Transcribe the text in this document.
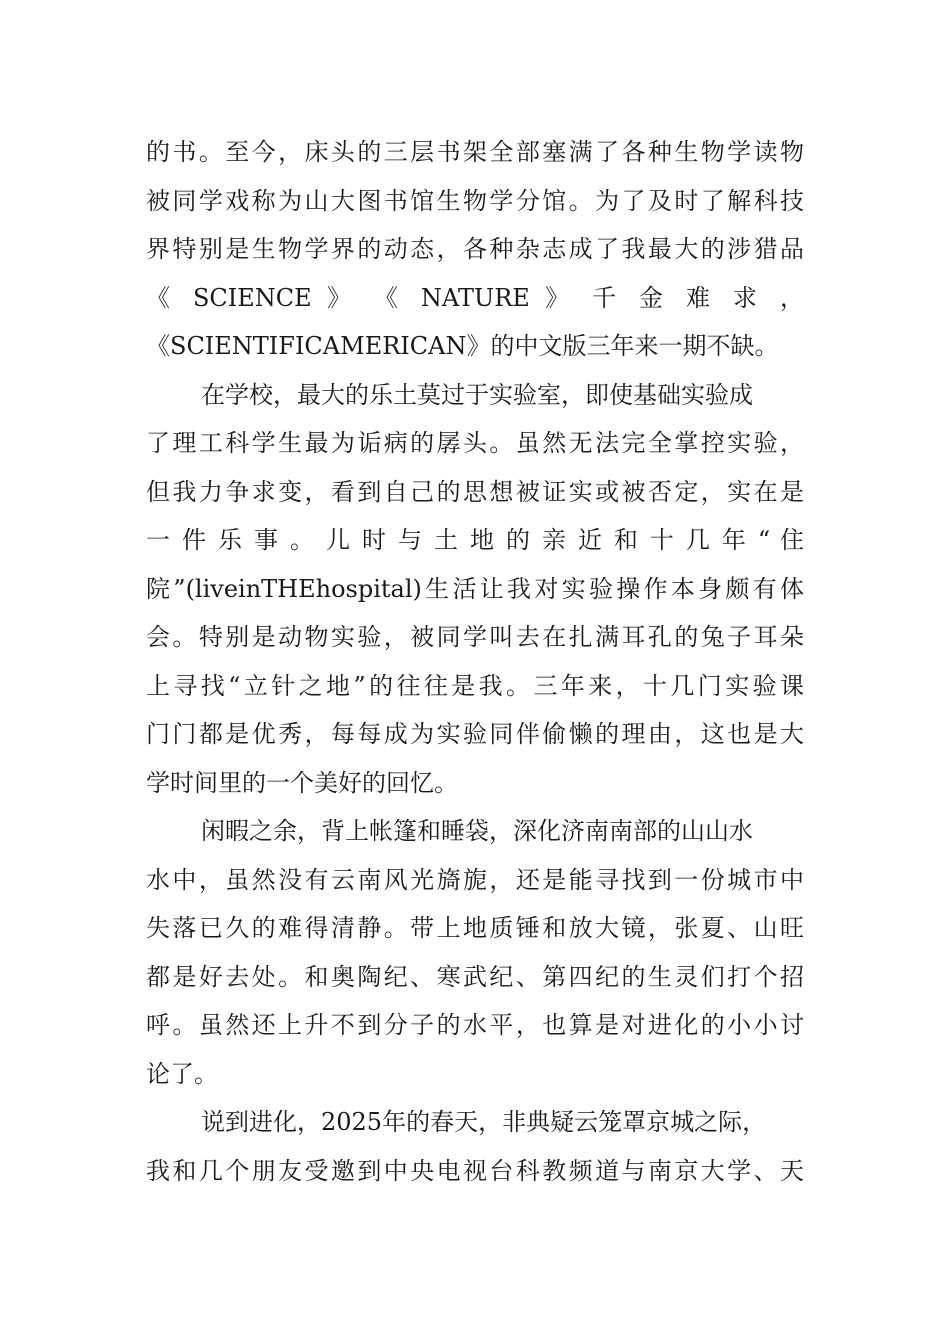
的书。至今，床头的三层书架全部塞满了各种生物学读物
被同学戏称为山大图书馆生物学分馆。为了及时了解科技
界特别是生物学界的动态，各种杂志成了我最大的涉猎品
《 SCIENCE 》 《 NATURE 》 千 金 难 求 ，
《SCIENTIFICAMERICAN》的中文版三年来一期不缺。
在学校，最大的乐土莫过于实验室，即使基础实验成
了理工科学生最为诟病的孱头。虽然无法完全掌控实验，
但我力争求变，看到自己的思想被证实或被否定，实在是
一 件 乐 事 。 儿 时 与 土 地 的 亲 近 和 十 几 年 “ 住
院”(liveinTHEhospital)生活让我对实验操作本身颇有体
会。特别是动物实验，被同学叫去在扎满耳孔的兔子耳朵
上寻找“立针之地”的往往是我。三年来，十几门实验课
门门都是优秀，每每成为实验同伴偷懒的理由，这也是大
学时间里的一个美好的回忆。
闲暇之余，背上帐篷和睡袋，深化济南南部的山山水
水中，虽然没有云南风光旖旎，还是能寻找到一份城市中
失落已久的难得清静。带上地质锤和放大镜，张夏、山旺
都是好去处。和奥陶纪、寒武纪、第四纪的生灵们打个招
呼。虽然还上升不到分子的水平，也算是对进化的小小讨
论了。
说到进化，2025年的春天，非典疑云笼罩京城之际，
我和几个朋友受邀到中央电视台科教频道与南京大学、天
